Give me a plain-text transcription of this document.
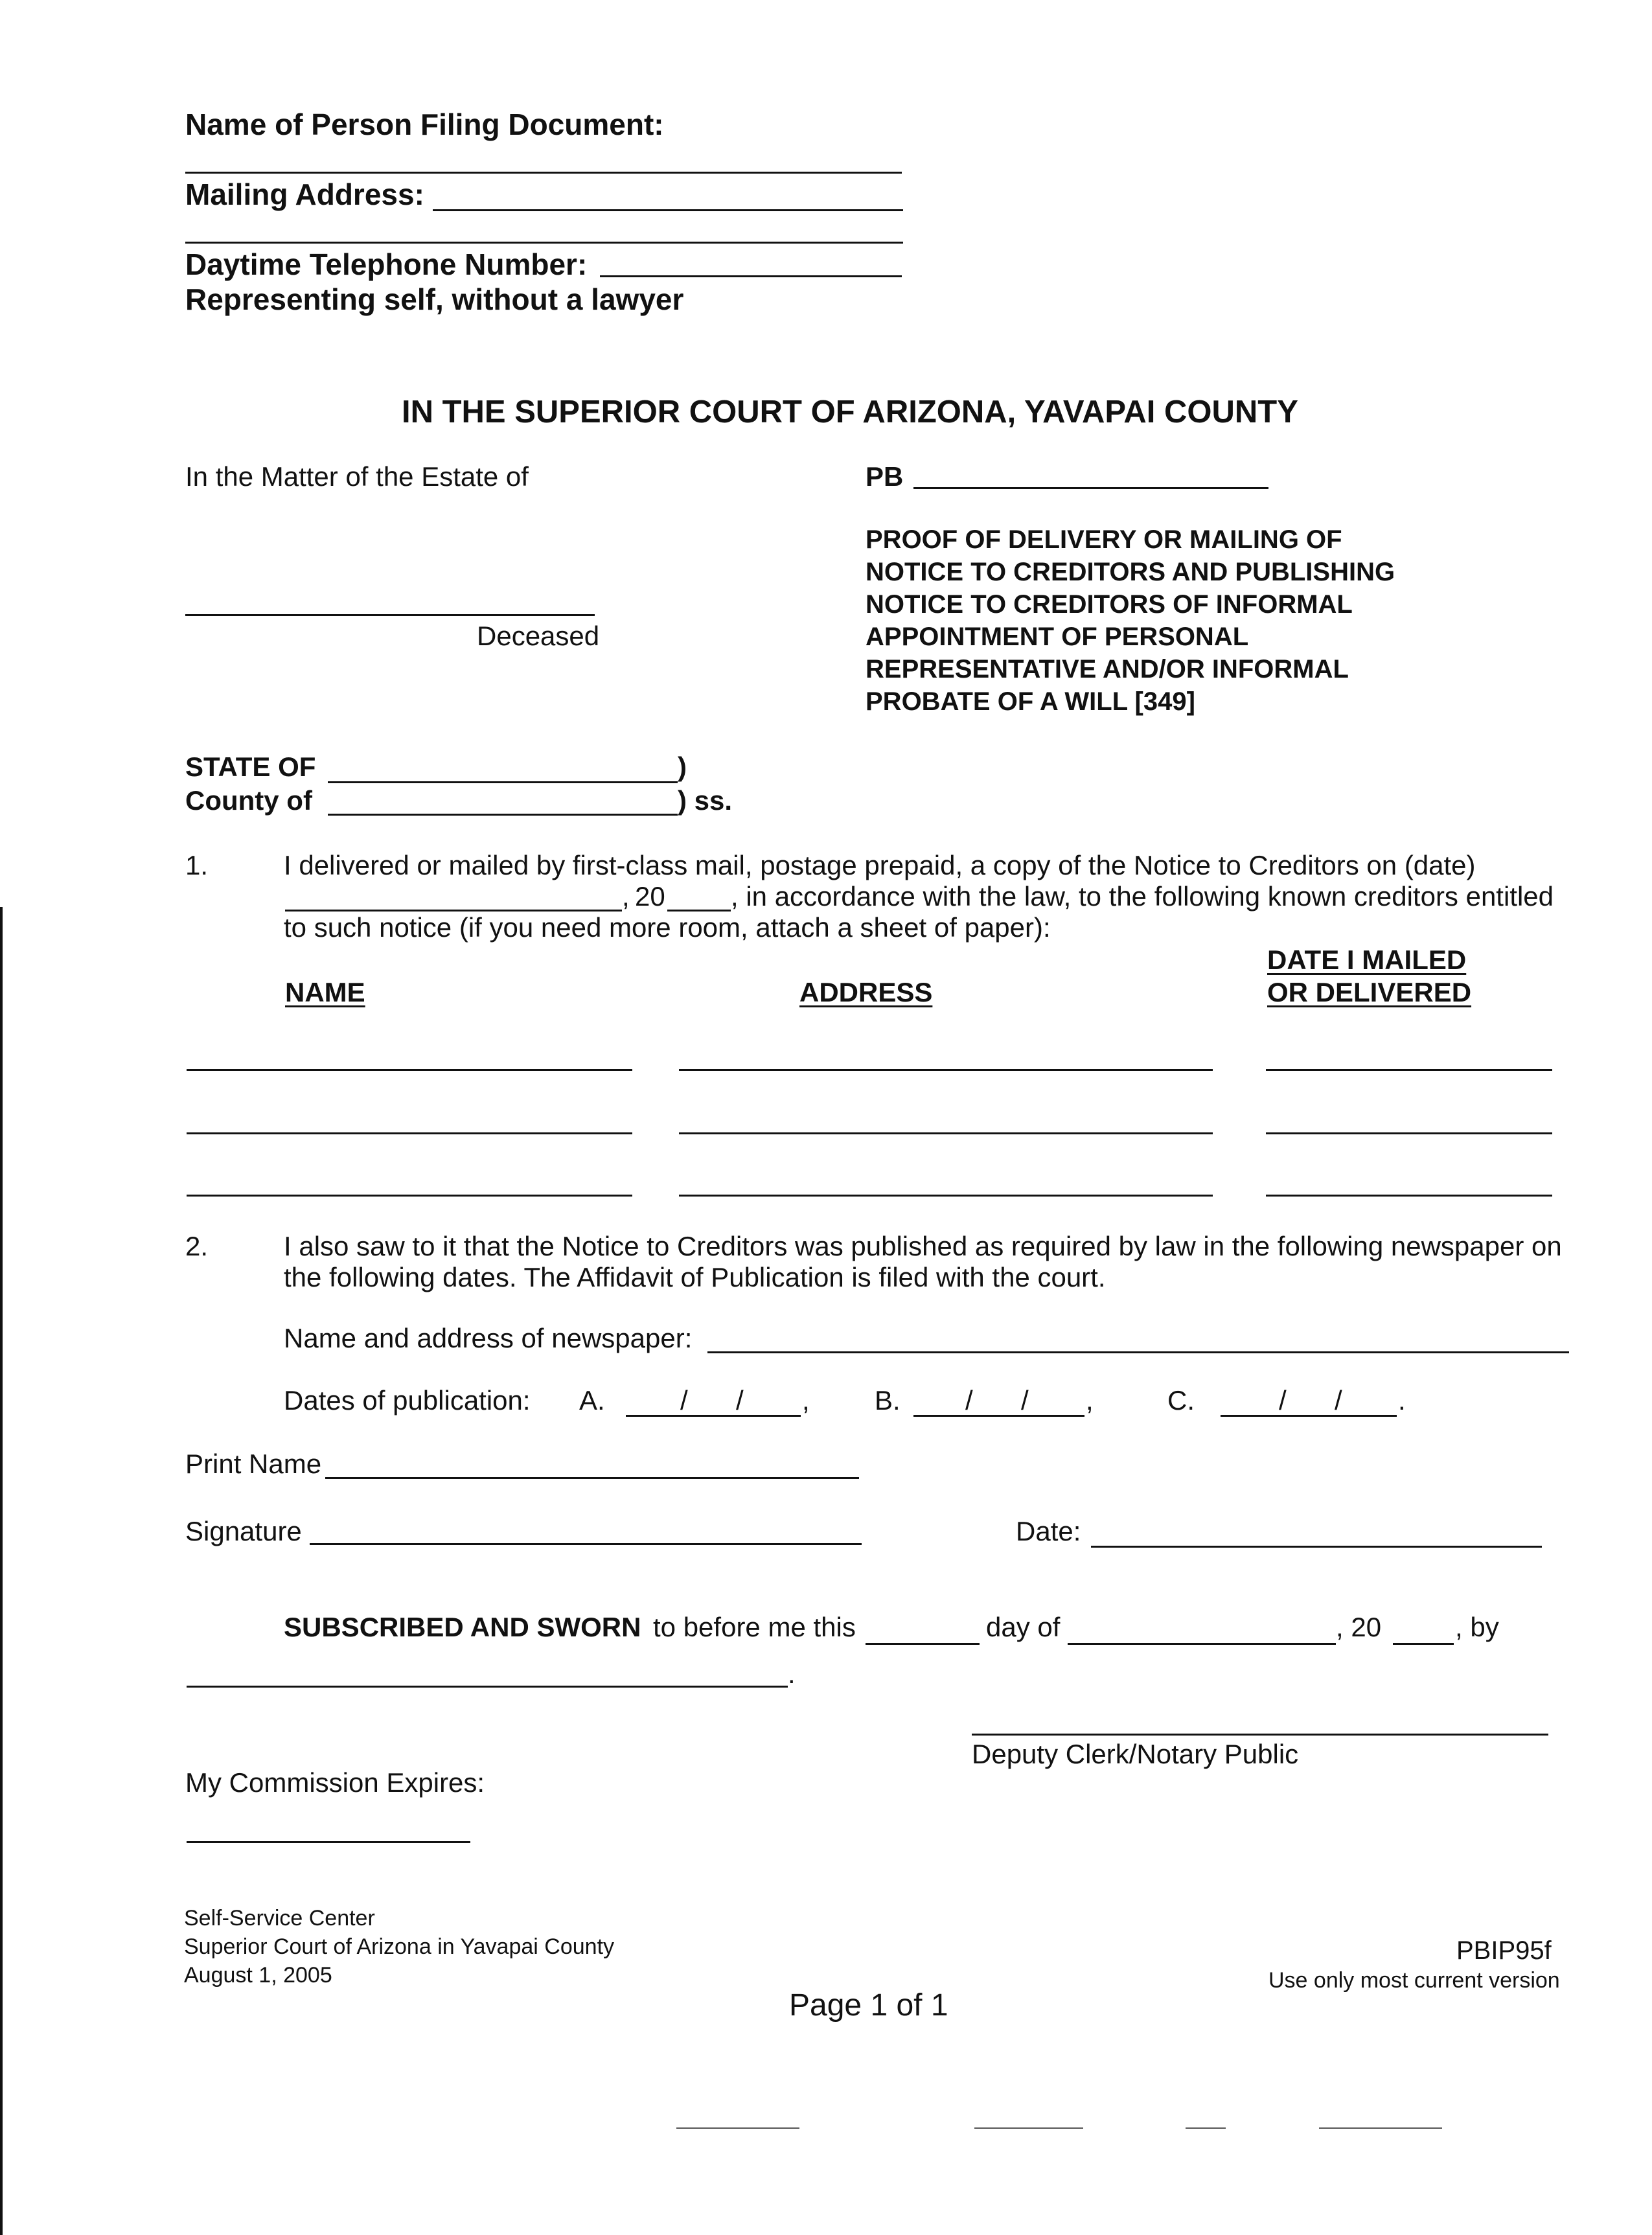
Name of Person Filing Document:
Mailing Address:
Daytime Telephone Number:
Representing self, without a lawyer
IN THE SUPERIOR COURT OF ARIZONA, YAVAPAI COUNTY
In the Matter of the Estate of
Deceased
PB
PROOF OF DELIVERY OR MAILING OF
NOTICE TO CREDITORS AND PUBLISHING
NOTICE TO CREDITORS OF INFORMAL
APPOINTMENT OF PERSONAL
REPRESENTATIVE AND/OR INFORMAL
PROBATE OF A WILL [349]
STATE OF	)
County of	) ss.
1.	I delivered or mailed by first-class mail, postage prepaid, a copy of the Notice to Creditors on (date)
, 20 , in accordance with the law, to the following known creditors entitled
to such notice (if you need more room, attach a sheet of paper):
NAME	ADDRESS
DATE I MAILED
OR DELIVERED
2.	I also saw to it that the Notice to Creditors was published as required by law in the following newspaper on
the following dates. The Affidavit of Publication is filed with the court.
Name and address of newspaper:
Dates of publication: A.	/ / , B. / / ,	C.	/ / .
Print Name
Signature	Date:
SUBSCRIBED AND SWORN to before me this	day of	, 20	, by
.
Deputy Clerk/Notary Public
My Commission Expires:
Self-Service Center
Superior Court of Arizona in Yavapai County
August 1, 2005
PBIP95f
Use only most current version
Page 1 of 1
